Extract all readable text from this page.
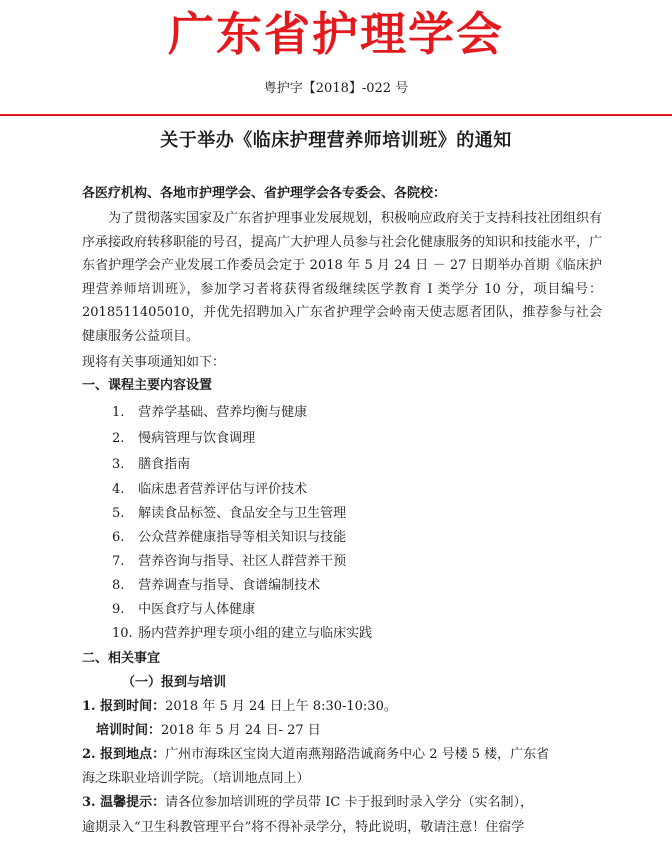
广东省护理学会
粤护字【2018】-022 号
关于举办《临床护理营养师培训班》的通知
各医疗机构、各地市护理学会、省护理学会各专委会、各院校：
为了贯彻落实国家及广东省护理事业发展规划，积极响应政府关于支持科技社团组织有序承接政府转移职能的号召，提高广大护理人员参与社会化健康服务的知识和技能水平，广东省护理学会产业发展工作委员会定于 2018 年 5 月 24 日 － 27 日期举办首期《临床护理营养师培训班》，参加学习者将获得省级继续医学教育 I 类学分 10 分，项目编号：2018511405010，并优先招聘加入广东省护理学会岭南天使志愿者团队，推荐参与社会健康服务公益项目。
现将有关事项通知如下：
一、课程主要内容设置
1. 营养学基础、营养均衡与健康
2. 慢病管理与饮食调理
3. 膳食指南
4. 临床患者营养评估与评价技术
5. 解读食品标签、食品安全与卫生管理
6. 公众营养健康指导等相关知识与技能
7. 营养咨询与指导、社区人群营养干预
8. 营养调查与指导、食谱编制技术
9. 中医食疗与人体健康
10. 肠内营养护理专项小组的建立与临床实践
二、相关事宜
（一）报到与培训
1. 报到时间：2018 年 5 月 24 日上午 8:30-10:30。
培训时间：2018 年 5 月 24 日- 27 日
2. 报到地点：广州市海珠区宝岗大道南燕翔路浩诚商务中心 2 号楼 5 楼，广东省
海之珠职业培训学院。（培训地点同上）
3. 温馨提示：请各位参加培训班的学员带 IC 卡于报到时录入学分（实名制），
逾期录入“卫生科教管理平台”将不得补录学分，特此说明，敬请注意！住宿学
